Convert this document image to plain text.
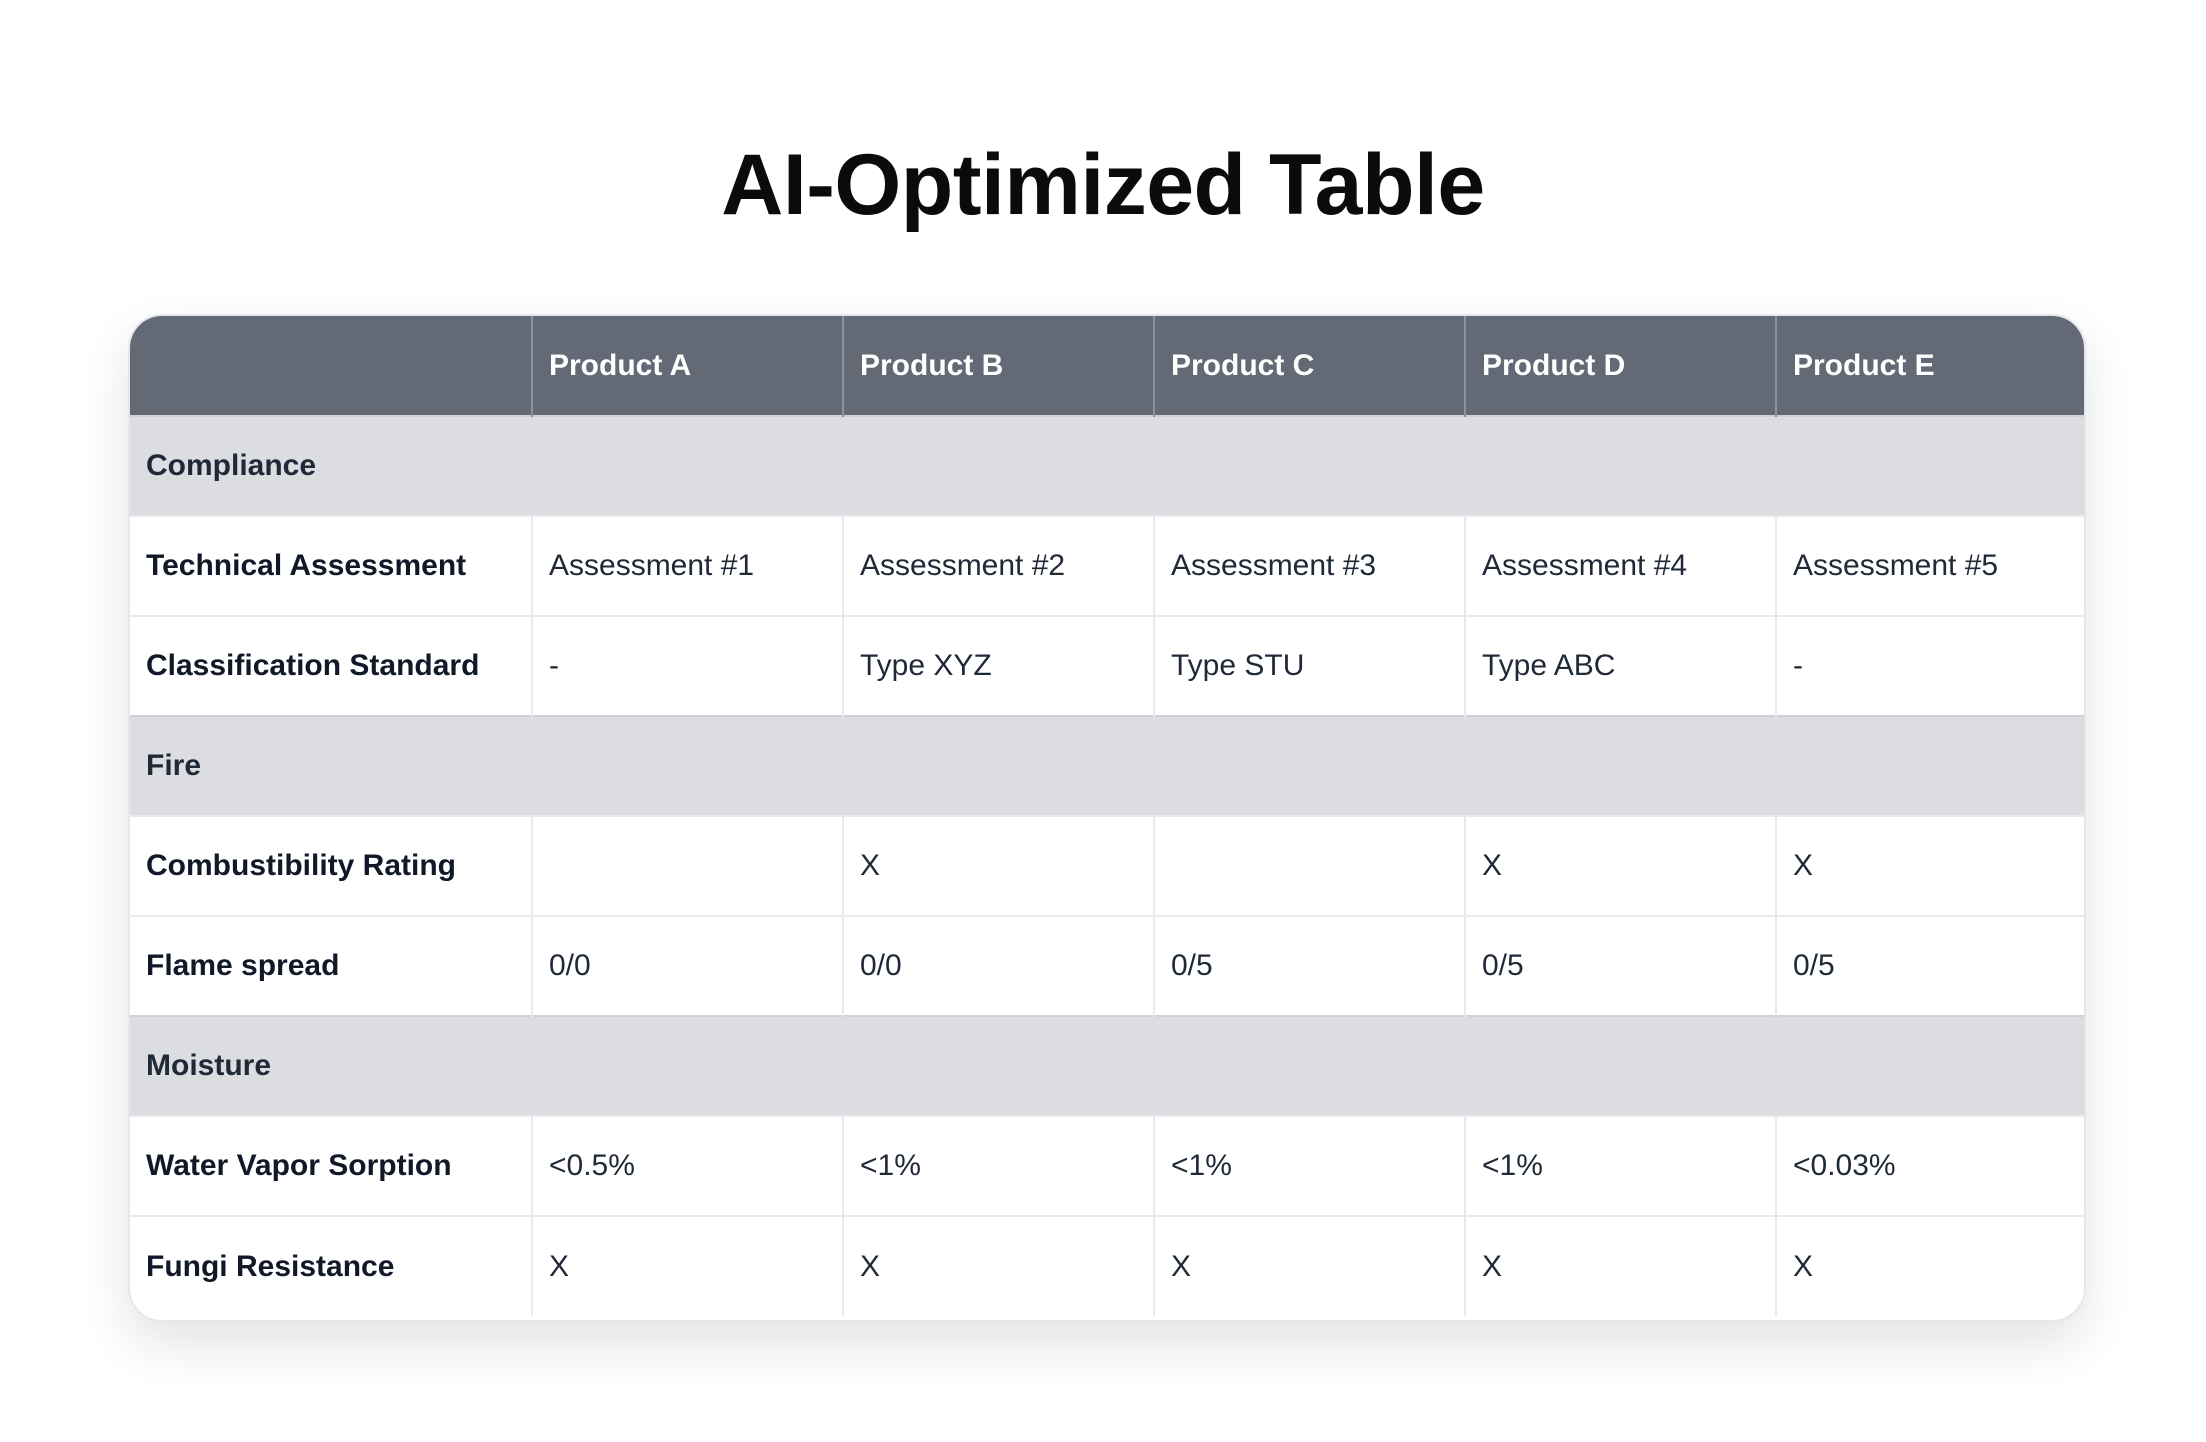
AI-Optimized Table
	Product A	Product B	Product C	Product D	Product E
Compliance					
Technical Assessment	Assessment #1	Assessment #2	Assessment #3	Assessment #4	Assessment #5
Classification Standard	-	Type XYZ	Type STU	Type ABC	-
Fire					
Combustibility Rating		X		X	X
Flame spread	0/0	0/0	0/5	0/5	0/5
Moisture					
Water Vapor Sorption	<0.5%	<1%	<1%	<1%	<0.03%
Fungi Resistance	X	X	X	X	X
